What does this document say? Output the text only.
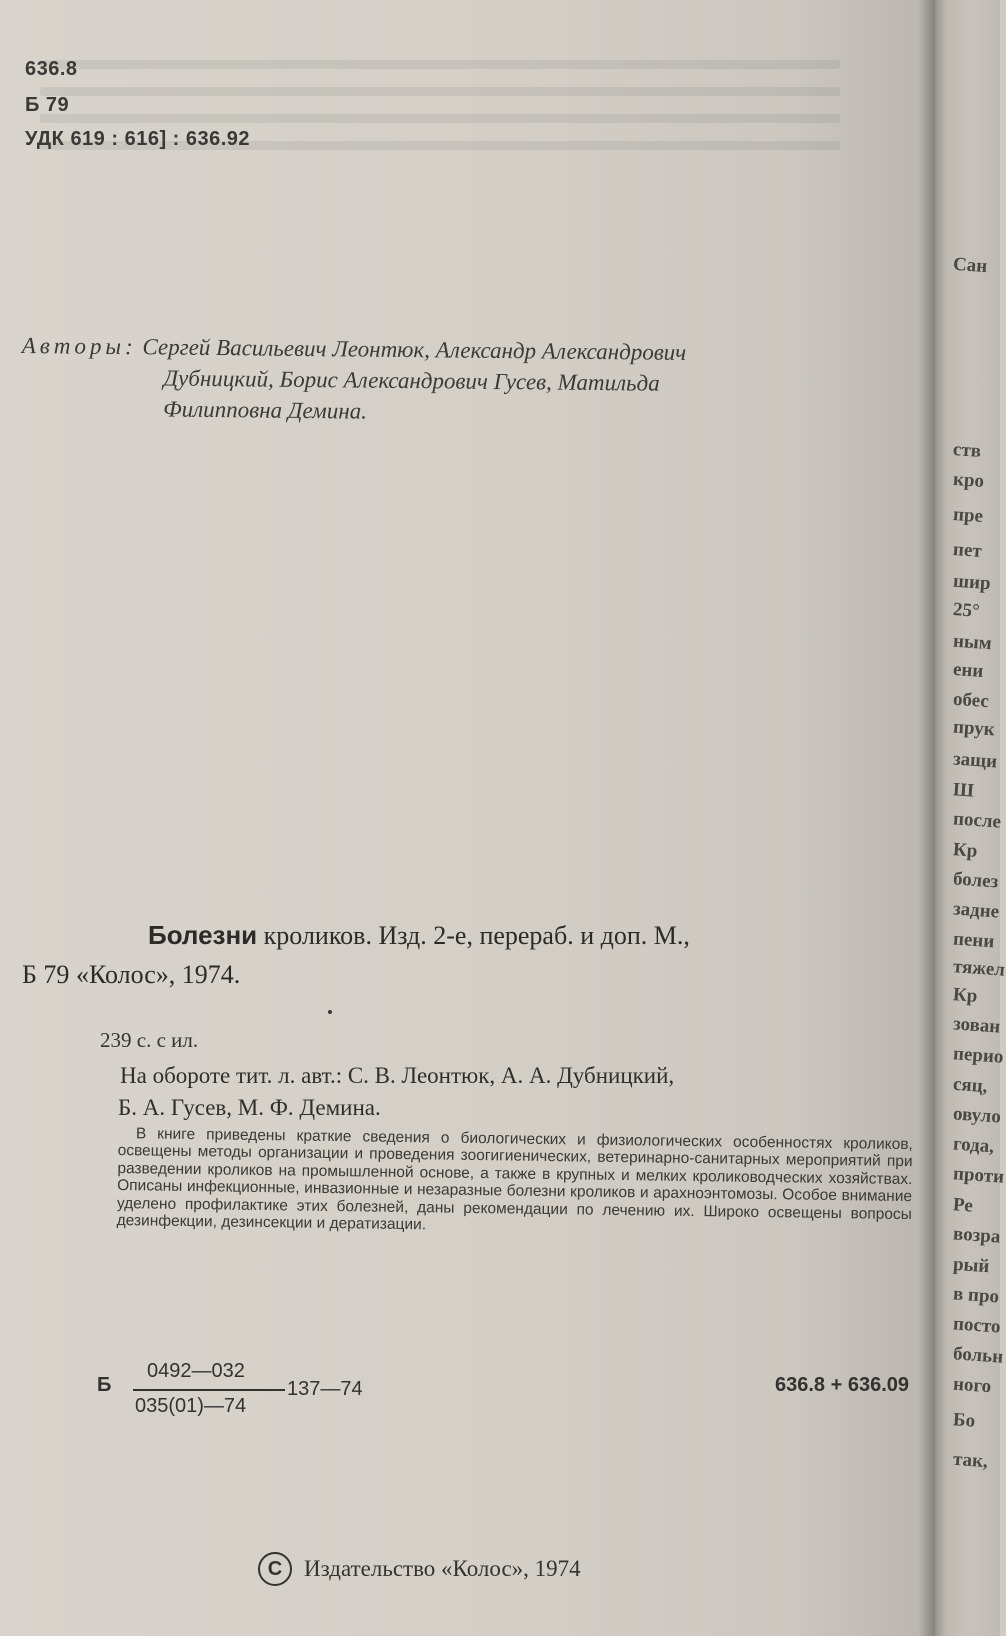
636.8
Б 79
УДК 619 : 616] : 636.92
Авторы: Сергей Васильевич Леонтюк, Александр Александрович
Дубницкий, Борис Александрович Гусев, Матильда
Филипповна Демина.
Болезни кроликов. Изд. 2-е, перераб. и доп. М.,
Б 79 «Колос», 1974.
239 с. с ил.
На обороте тит. л. авт.: С. В. Леонтюк, А. А. Дубницкий,
Б. А. Гусев, М. Ф. Демина.
В книге приведены краткие сведения о биологических и физиологических особенностях кроликов, освещены методы организации и проведения зоогигиенических, ветеринарно-санитарных мероприятий при разведении кроликов на промышленной основе, а также в крупных и мелких кролиководческих хозяйствах. Описаны инфекционные, инвазионные и незаразные болезни кроликов и арахноэнтомозы. Особое внимание уделено профилактике этих болезней, даны рекомендации по лечению их. Широко освещены вопросы дезинфекции, дезинсекции и дератизации.
Б
0492—032
035(01)—74
137—74	636.8 + 636.09
C Издательство «Колос», 1974
Сан
ств
кро
пре
пет
шир
25°
ным
ени
обес
прук
защи
Ш
после
Кр
болез
задне
пени
тяжел
Кр
зован
перио
сяц,
овуло
года,
проти
Ре
возра
рый
в про
посто
больн
ного
Бо
так,
